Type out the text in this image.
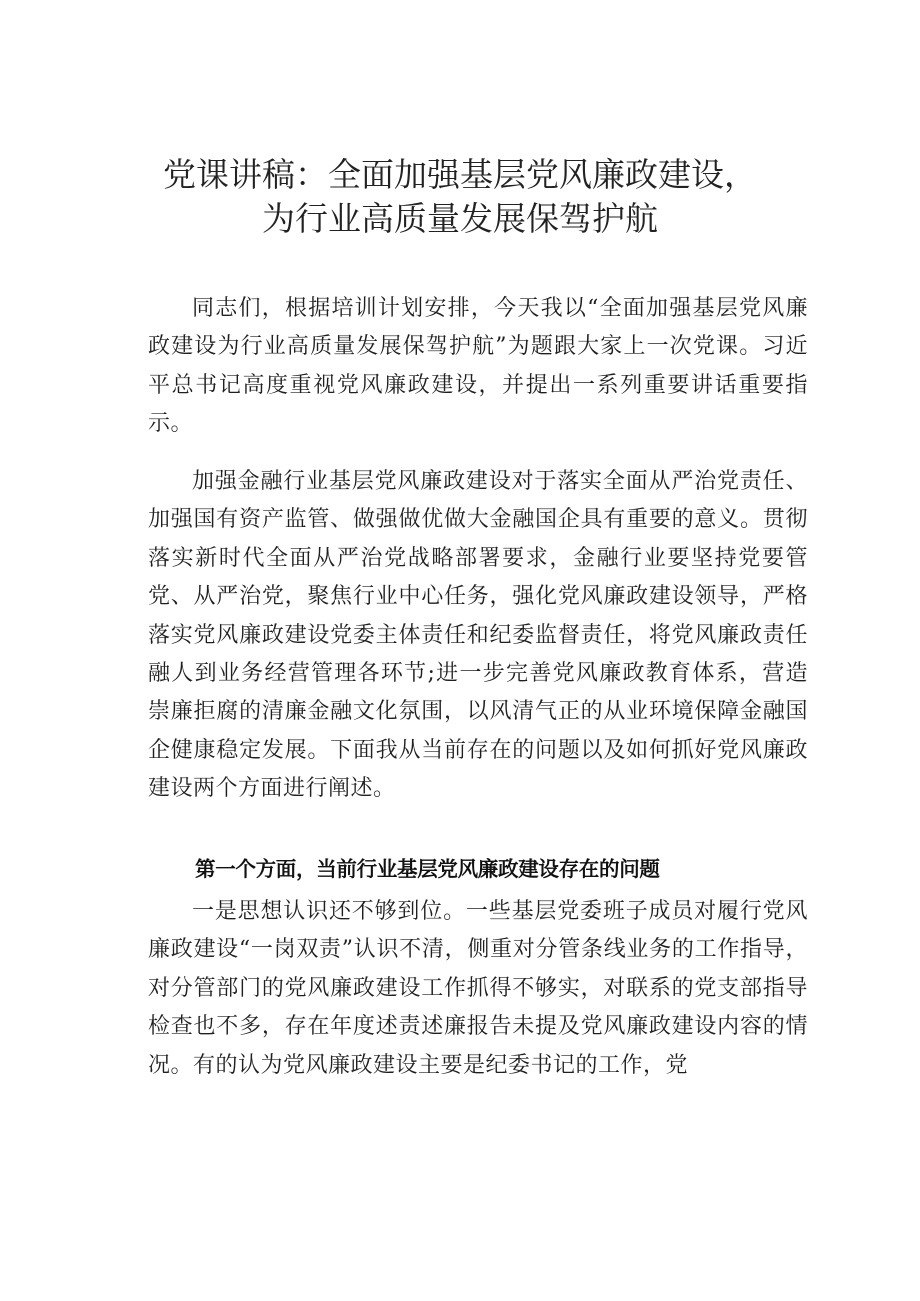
党课讲稿：全面加强基层党风廉政建设，
为行业高质量发展保驾护航

同志们，根据培训计划安排，今天我以“全面加强基层党风廉政建设为行业高质量发展保驾护航”为题跟大家上一次党课。习近平总书记高度重视党风廉政建设，并提出一系列重要讲话重要指示。

加强金融行业基层党风廉政建设对于落实全面从严治党责任、加强国有资产监管、做强做优做大金融国企具有重要的意义。贯彻落实新时代全面从严治党战略部署要求，金融行业要坚持党要管党、从严治党，聚焦行业中心任务，强化党风廉政建设领导，严格落实党风廉政建设党委主体责任和纪委监督责任，将党风廉政责任融人到业务经营管理各环节;进一步完善党风廉政教育体系，营造崇廉拒腐的清廉金融文化氛围，以风清气正的从业环境保障金融国企健康稳定发展。下面我从当前存在的问题以及如何抓好党风廉政建设两个方面进行阐述。

第一个方面，当前行业基层党风廉政建设存在的问题

一是思想认识还不够到位。一些基层党委班子成员对履行党风廉政建设“一岗双责”认识不清，侧重对分管条线业务的工作指导，对分管部门的党风廉政建设工作抓得不够实，对联系的党支部指导检查也不多，存在年度述责述廉报告未提及党风廉政建设内容的情况。有的认为党风廉政建设主要是纪委书记的工作，党
